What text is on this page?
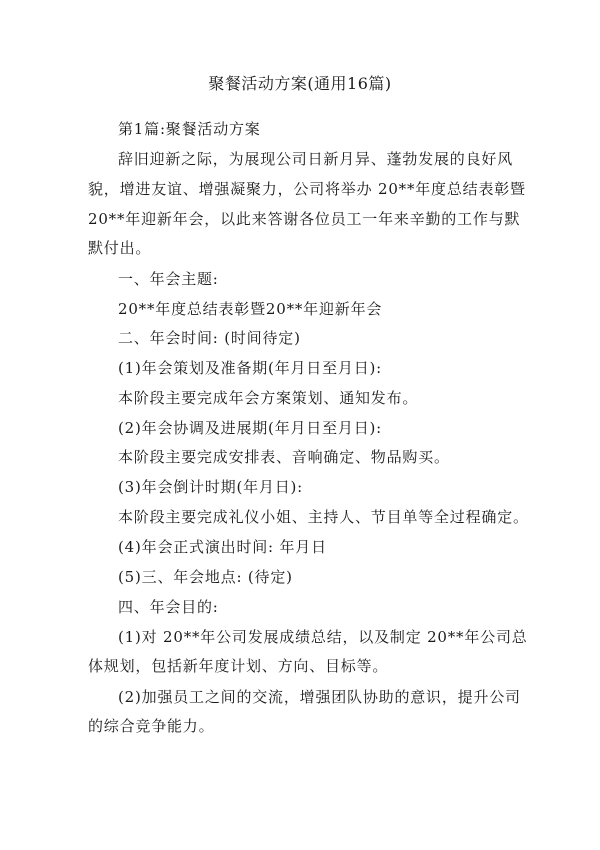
聚餐活动方案(通用16篇)
第1篇:聚餐活动方案
辞旧迎新之际，为展现公司日新月异、蓬勃发展的良好风
貌，增进友谊、增强凝聚力，公司将举办 20**年度总结表彰暨
20**年迎新年会，以此来答谢各位员工一年来辛勤的工作与默
默付出。
一、年会主题:
20**年度总结表彰暨20**年迎新年会
二、年会时间: (时间待定)
(1)年会策划及准备期(年月日至月日):
本阶段主要完成年会方案策划、通知发布。
(2)年会协调及进展期(年月日至月日):
本阶段主要完成安排表、音响确定、物品购买。
(3)年会倒计时期(年月日):
本阶段主要完成礼仪小姐、主持人、节目单等全过程确定。
(4)年会正式演出时间: 年月日
(5)三、年会地点: (待定)
四、年会目的:
(1)对 20**年公司发展成绩总结，以及制定 20**年公司总
体规划，包括新年度计划、方向、目标等。
(2)加强员工之间的交流，增强团队协助的意识，提升公司
的综合竞争能力。
